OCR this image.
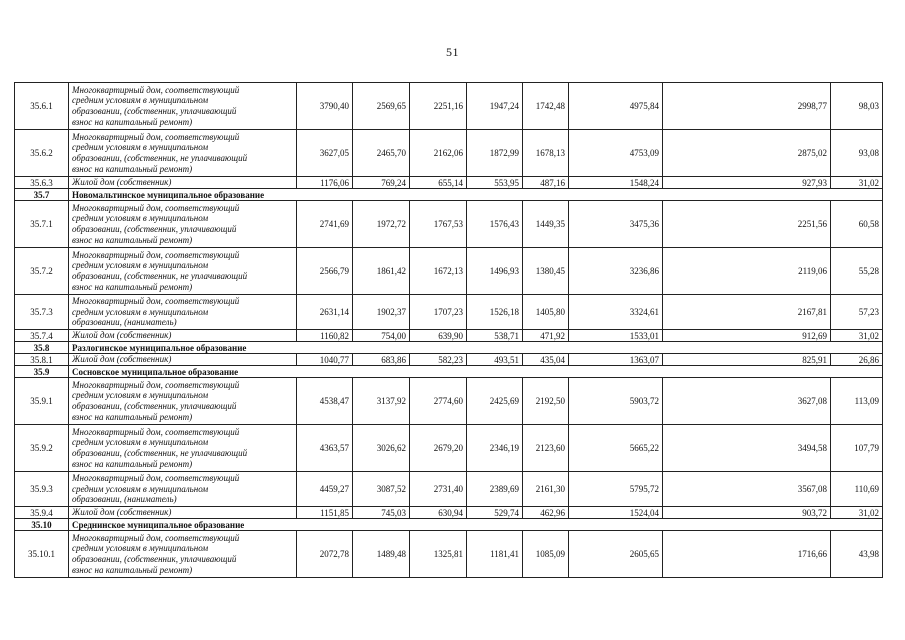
51
35.6.1	Многоквартирный дом, соответствующий
средним условиям в муниципальном
образовании, (собственник, уплачивающий
взнос на капитальный ремонт)	3790,40	2569,65	2251,16	1947,24	1742,48	4975,84	2998,77	98,03
35.6.2	Многоквартирный дом, соответствующий
средним условиям в муниципальном
образовании, (собственник, не уплачивающий
взнос на капитальный ремонт)	3627,05	2465,70	2162,06	1872,99	1678,13	4753,09	2875,02	93,08
35.6.3	Жилой дом (собственник)	1176,06	769,24	655,14	553,95	487,16	1548,24	927,93	31,02
35.7	Новомальтинское муниципальное образование								
35.7.1	Многоквартирный дом, соответствующий
средним условиям в муниципальном
образовании, (собственник, уплачивающий
взнос на капитальный ремонт)	2741,69	1972,72	1767,53	1576,43	1449,35	3475,36	2251,56	60,58
35.7.2	Многоквартирный дом, соответствующий
средним условиям в муниципальном
образовании, (собственник, не уплачивающий
взнос на капитальный ремонт)	2566,79	1861,42	1672,13	1496,93	1380,45	3236,86	2119,06	55,28
35.7.3	Многоквартирный дом, соответствующий
средним условиям в муниципальном
образовании, (наниматель)	2631,14	1902,37	1707,23	1526,18	1405,80	3324,61	2167,81	57,23
35.7.4	Жилой дом (собственник)	1160,82	754,00	639,90	538,71	471,92	1533,01	912,69	31,02
35.8	Разлогинское муниципальное образование								
35.8.1	Жилой дом (собственник)	1040,77	683,86	582,23	493,51	435,04	1363,07	825,91	26,86
35.9	Сосновское муниципальное образование								
35.9.1	Многоквартирный дом, соответствующий
средним условиям в муниципальном
образовании, (собственник, уплачивающий
взнос на капитальный ремонт)	4538,47	3137,92	2774,60	2425,69	2192,50	5903,72	3627,08	113,09
35.9.2	Многоквартирный дом, соответствующий
средним условиям в муниципальном
образовании, (собственник, не уплачивающий
взнос на капитальный ремонт)	4363,57	3026,62	2679,20	2346,19	2123,60	5665,22	3494,58	107,79
35.9.3	Многоквартирный дом, соответствующий
средним условиям в муниципальном
образовании, (наниматель)	4459,27	3087,52	2731,40	2389,69	2161,30	5795,72	3567,08	110,69
35.9.4	Жилой дом (собственник)	1151,85	745,03	630,94	529,74	462,96	1524,04	903,72	31,02
35.10	Среднинское муниципальное образование								
35.10.1	Многоквартирный дом, соответствующий
средним условиям в муниципальном
образовании, (собственник, уплачивающий
взнос на капитальный ремонт)	2072,78	1489,48	1325,81	1181,41	1085,09	2605,65	1716,66	43,98
